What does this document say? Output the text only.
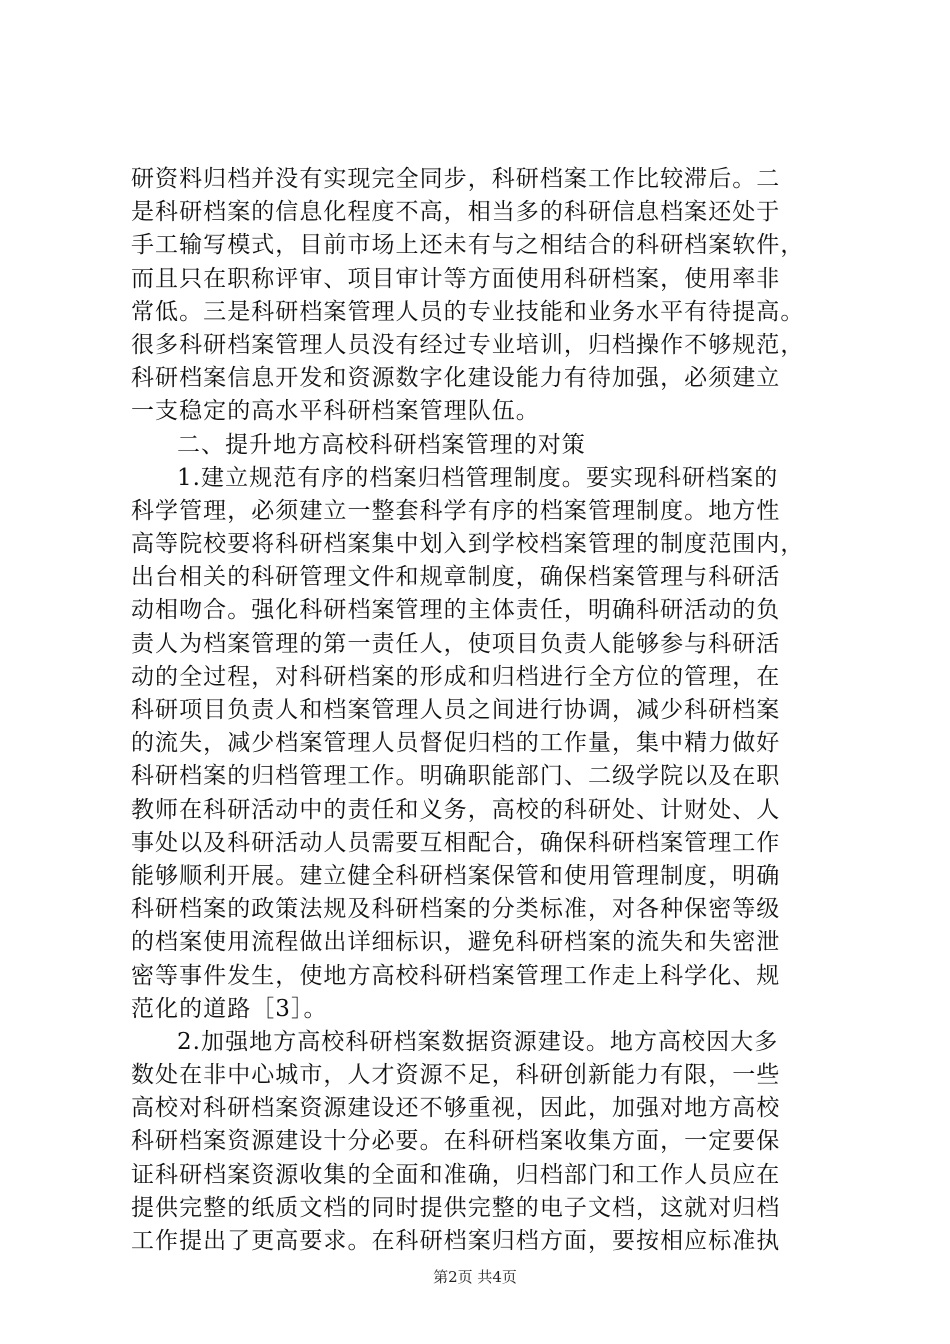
研资料归档并没有实现完全同步，科研档案工作比较滞后。二
是科研档案的信息化程度不高，相当多的科研信息档案还处于
手工输写模式，目前市场上还未有与之相结合的科研档案软件，
而且只在职称评审、项目审计等方面使用科研档案，使用率非
常低。三是科研档案管理人员的专业技能和业务水平有待提高。
很多科研档案管理人员没有经过专业培训，归档操作不够规范，
科研档案信息开发和资源数字化建设能力有待加强，必须建立
一支稳定的高水平科研档案管理队伍。
二、提升地方高校科研档案管理的对策
1.建立规范有序的档案归档管理制度。要实现科研档案的
科学管理，必须建立一整套科学有序的档案管理制度。地方性
高等院校要将科研档案集中划入到学校档案管理的制度范围内，
出台相关的科研管理文件和规章制度，确保档案管理与科研活
动相吻合。强化科研档案管理的主体责任，明确科研活动的负
责人为档案管理的第一责任人，使项目负责人能够参与科研活
动的全过程，对科研档案的形成和归档进行全方位的管理，在
科研项目负责人和档案管理人员之间进行协调，减少科研档案
的流失，减少档案管理人员督促归档的工作量，集中精力做好
科研档案的归档管理工作。明确职能部门、二级学院以及在职
教师在科研活动中的责任和义务，高校的科研处、计财处、人
事处以及科研活动人员需要互相配合，确保科研档案管理工作
能够顺利开展。建立健全科研档案保管和使用管理制度，明确
科研档案的政策法规及科研档案的分类标准，对各种保密等级
的档案使用流程做出详细标识，避免科研档案的流失和失密泄
密等事件发生，使地方高校科研档案管理工作走上科学化、规
范化的道路［3］。
2.加强地方高校科研档案数据资源建设。地方高校因大多
数处在非中心城市，人才资源不足，科研创新能力有限，一些
高校对科研档案资源建设还不够重视，因此，加强对地方高校
科研档案资源建设十分必要。在科研档案收集方面，一定要保
证科研档案资源收集的全面和准确，归档部门和工作人员应在
提供完整的纸质文档的同时提供完整的电子文档，这就对归档
工作提出了更高要求。在科研档案归档方面，要按相应标准执
第2页 共4页
